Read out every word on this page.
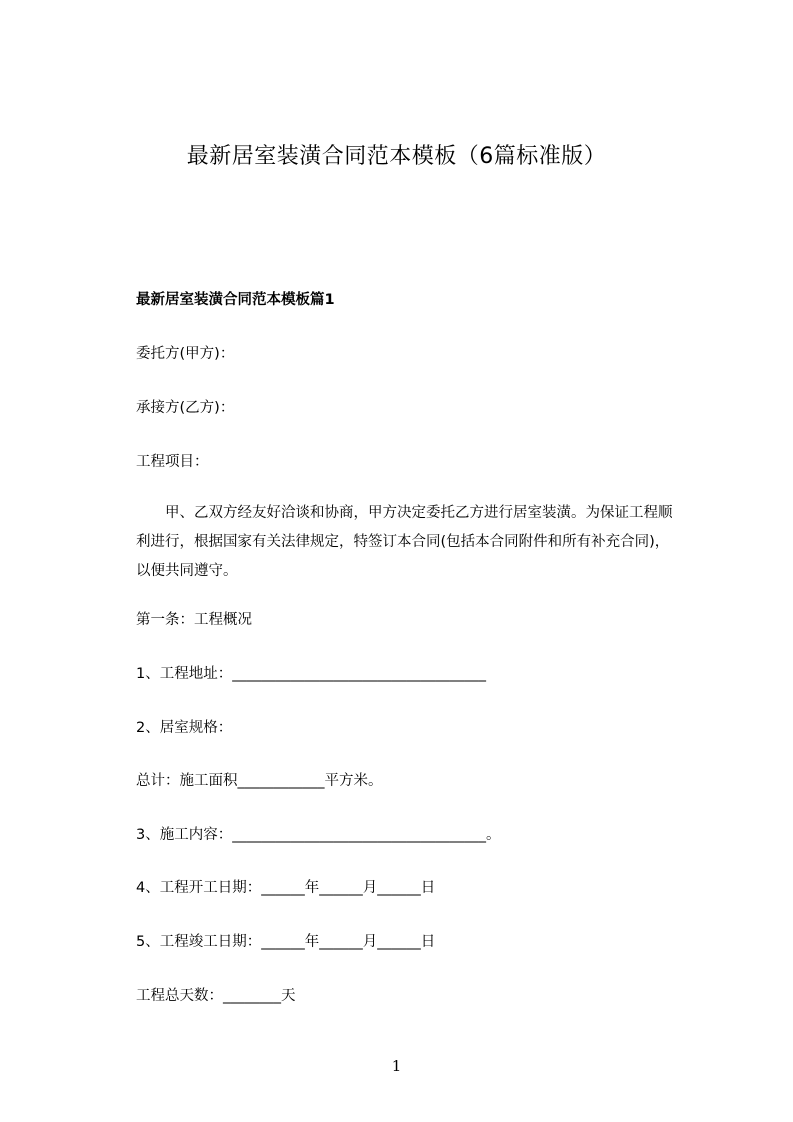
最新居室装潢合同范本模板（6篇标准版）

最新居室装潢合同范本模板篇1

委托方(甲方)：

承接方(乙方)：

工程项目：

　　甲、乙双方经友好洽谈和协商，甲方决定委托乙方进行居室装潢。为保证工程顺
利进行，根据国家有关法律规定，特签订本合同(包括本合同附件和所有补充合同)，
以便共同遵守。

第一条：工程概况

1、工程地址：___________________________________

2、居室规格：

总计：施工面积____________平方米。

3、施工内容：___________________________________。

4、工程开工日期：______年______月______日

5、工程竣工日期：______年______月______日

工程总天数：________天

1
